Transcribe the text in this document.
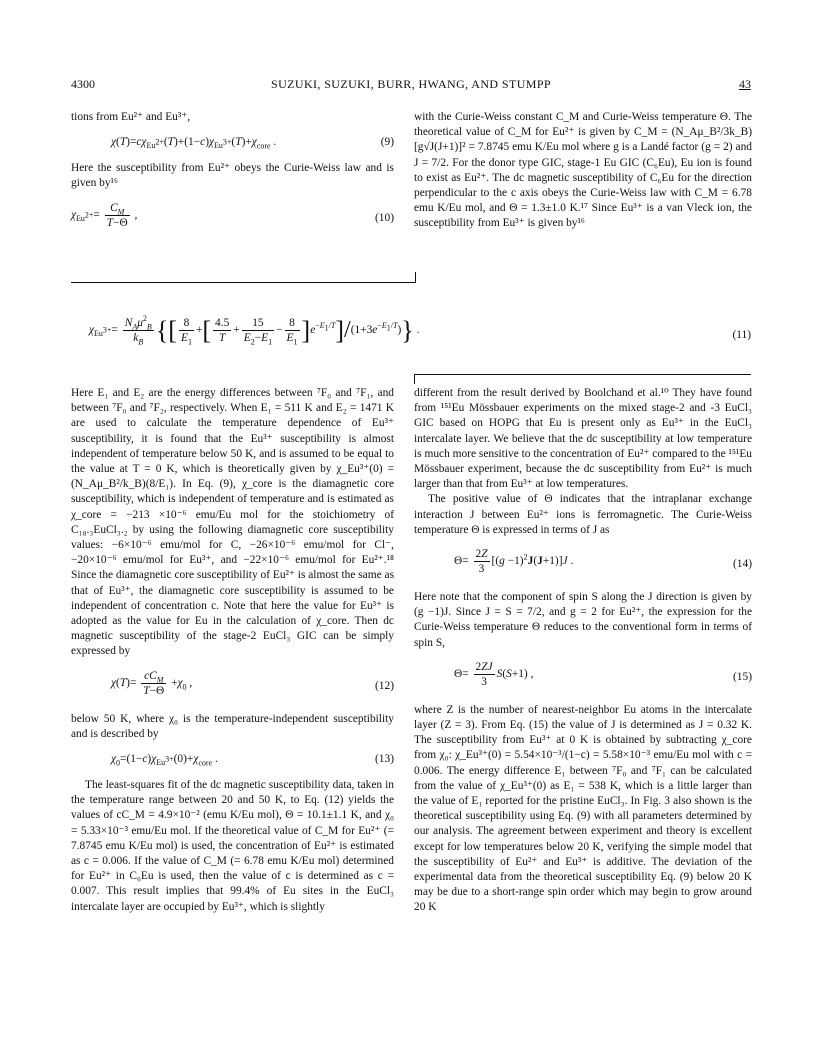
4300	SUZUKI, SUZUKI, BURR, HWANG, AND STUMPP	43

tions from Eu²⁺ and Eu³⁺,

$\chi(T)=c\chi_{Eu^{2+}}(T)+(1-c)\chi_{Eu^{3+}}(T)+\chi_{core}$ .	(9)

Here the susceptibility from Eu²⁺ obeys the Curie-Weiss law and is given by¹⁶

$\chi_{Eu^{2+}}= \frac{C_M}{T-\Theta}$ ,	(10)

with the Curie-Weiss constant C_M and Curie-Weiss temperature Θ. The theoretical value of C_M for Eu²⁺ is given by C_M = (N_Aμ_B²/3k_B)[g√J(J+1)]² = 7.8745 emu K/Eu mol where g is a Landé factor (g = 2) and J = 7/2. For the donor type GIC, stage-1 Eu GIC (C₆Eu), Eu ion is found to exist as Eu²⁺. The dc magnetic susceptibility of C₆Eu for the direction perpendicular to the c axis obeys the Curie-Weiss law with C_M = 6.78 emu K/Eu mol, and Θ = 1.3±1.0 K.¹⁷ Since Eu³⁺ is a van Vleck ion, the susceptibility from Eu³⁺ is given by¹⁶

$\chi_{Eu^{3+}}= \frac{N_A\mu^2_B}{k_B}$ {[ $\frac{8}{E_1}$ +[ $\frac{4.5}{T} + \frac{15}{E_2-E_1} - \frac{8}{E_1} ]e^{-E_1/T}]/(1+3e^{-E_1/T})$} .	(11)

Here E₁ and E₂ are the energy differences between ⁷F₀ and ⁷F₁, and between ⁷F₀ and ⁷F₂, respectively. When E₁ = 511 K and E₂ = 1471 K are used to calculate the temperature dependence of Eu³⁺ susceptibility, it is found that the Eu³⁺ susceptibility is almost independent of temperature below 50 K, and is assumed to be equal to the value at T = 0 K, which is theoretically given by χ_Eu³⁺(0) = (N_Aμ_B²/k_B)(8/E₁). In Eq. (9), χ_core is the diamagnetic core susceptibility, which is independent of temperature and is estimated as χ_core = −213 ×10⁻⁶ emu/Eu mol for the stoichiometry of C₁₈.₃EuCl₃.₂ by using the following diamagnetic core susceptibility values: −6×10⁻⁶ emu/mol for C, −26×10⁻⁶ emu/mol for Cl⁻, −20×10⁻⁶ emu/mol for Eu³⁺, and −22×10⁻⁶ emu/mol for Eu²⁺.¹⁸ Since the diamagnetic core susceptibility of Eu²⁺ is almost the same as that of Eu³⁺, the diamagnetic core susceptibility is assumed to be independent of concentration c. Note that here the value for Eu³⁺ is adopted as the value for Eu in the calculation of χ_core. Then dc magnetic susceptibility of the stage-2 EuCl₃ GIC can be simply expressed by

$\chi(T)= \frac{cC_M}{T-\Theta} +\chi_0$ ,	(12)

below 50 K, where χ₀ is the temperature-independent susceptibility and is described by

$\chi_0=(1-c)\chi_{Eu^{3+}}(0)+\chi_{core}$ .	(13)

The least-squares fit of the dc magnetic susceptibility data, taken in the temperature range between 20 and 50 K, to Eq. (12) yields the values of cC_M = 4.9×10⁻² (emu K/Eu mol), Θ = 10.1±1.1 K, and χ₀ = 5.33×10⁻³ emu/Eu mol. If the theoretical value of C_M for Eu²⁺ (= 7.8745 emu K/Eu mol) is used, the concentration of Eu²⁺ is estimated as c = 0.006. If the value of C_M (= 6.78 emu K/Eu mol) determined for Eu²⁺ in C₆Eu is used, then the value of c is determined as c = 0.007. This result implies that 99.4% of Eu sites in the EuCl₃ intercalate layer are occupied by Eu³⁺, which is slightly

different from the result derived by Boolchand et al.¹⁰ They have found from ¹⁵¹Eu Mössbauer experiments on the mixed stage-2 and -3 EuCl₃ GIC based on HOPG that Eu is present only as Eu³⁺ in the EuCl₃ intercalate layer. We believe that the dc susceptibility at low temperature is much more sensitive to the concentration of Eu²⁺ compared to the ¹⁵¹Eu Mössbauer experiment, because the dc susceptibility from Eu²⁺ is much larger than that from Eu³⁺ at low temperatures.

The positive value of Θ indicates that the intraplanar exchange interaction J between Eu²⁺ ions is ferromagnetic. The Curie-Weiss temperature Θ is expressed in terms of J as

$\Theta= \frac{2Z}{3} [(g -1)^2J(J+1)]J$ .	(14)

Here note that the component of spin S along the J direction is given by (g −1)J. Since J = S = 7/2, and g = 2 for Eu²⁺, the expression for the Curie-Weiss temperature Θ reduces to the conventional form in terms of spin S,

$\Theta= \frac{2ZJ}{3} S(S+1)$ ,	(15)

where Z is the number of nearest-neighbor Eu atoms in the intercalate layer (Z = 3). From Eq. (15) the value of J is determined as J = 0.32 K. The susceptibility from Eu³⁺ at 0 K is obtained by subtracting χ_core from χ₀: χ_Eu³⁺(0) = 5.54×10⁻³/(1−c) = 5.58×10⁻³ emu/Eu mol with c = 0.006. The energy difference E₁ between ⁷F₀ and ⁷F₁ can be calculated from the value of χ_Eu³⁺(0) as E₁ = 538 K, which is a little larger than the value of E₁ reported for the pristine EuCl₃. In Fig. 3 also shown is the theoretical susceptibility using Eq. (9) with all parameters determined by our analysis. The agreement between experiment and theory is excellent except for low temperatures below 20 K, verifying the simple model that the susceptibility of Eu²⁺ and Eu³⁺ is additive. The deviation of the experimental data from the theoretical susceptibility Eq. (9) below 20 K may be due to a short-range spin order which may begin to grow around 20 K
